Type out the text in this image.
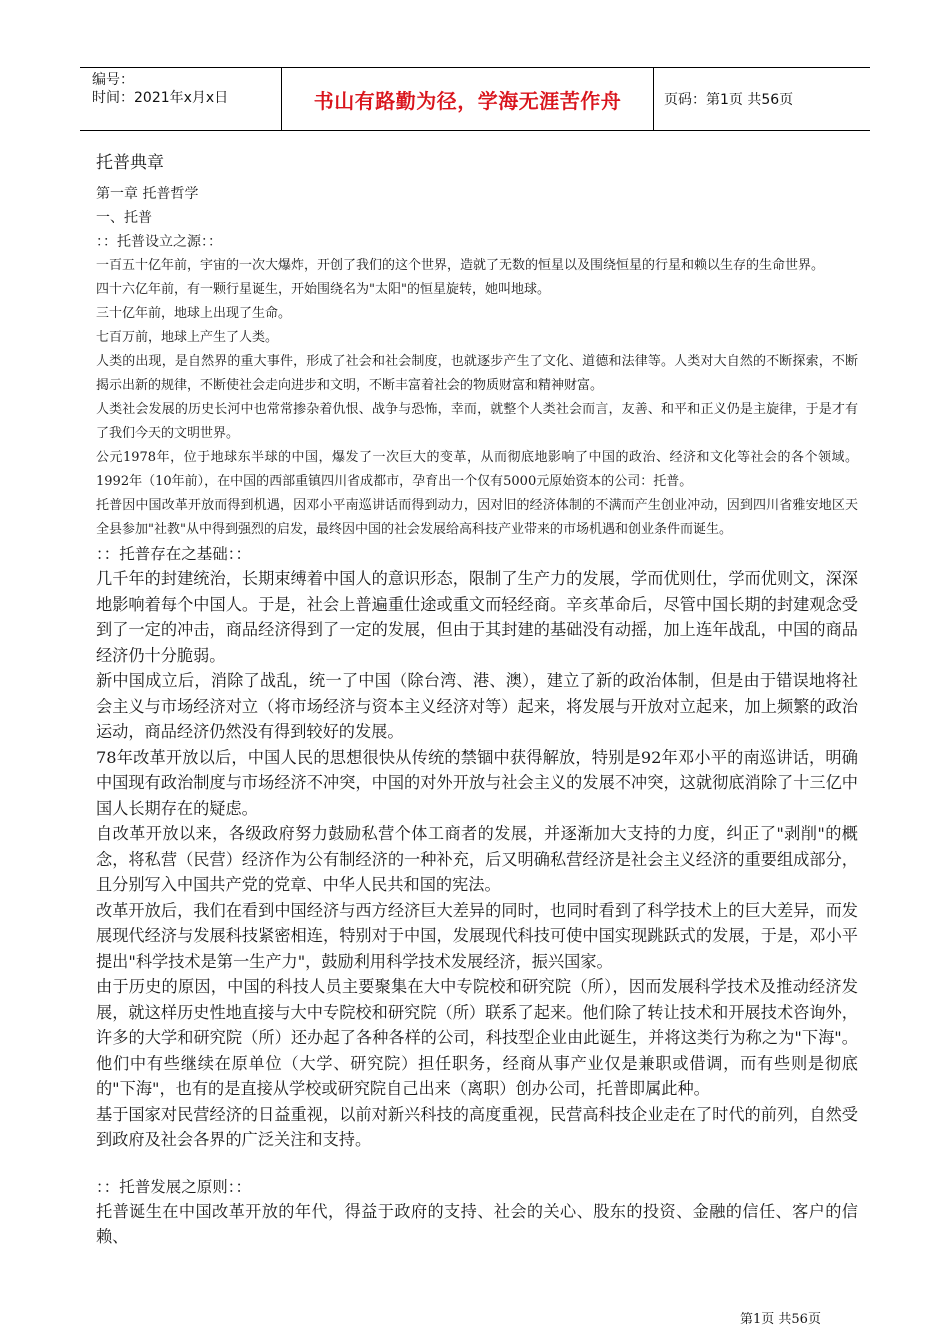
编号：
时间：2021年x月x日	书山有路勤为径，学海无涯苦作舟	页码：第1页 共56页

托普典章

第一章 托普哲学

一、托普

：：托普设立之源：：

一百五十亿年前，宇宙的一次大爆炸，开创了我们的这个世界，造就了无数的恒星以及围绕恒星的行星和赖以生存的生命世界。

四十六亿年前，有一颗行星诞生，开始围绕名为"太阳"的恒星旋转，她叫地球。

三十亿年前，地球上出现了生命。

七百万前，地球上产生了人类。

人类的出现，是自然界的重大事件，形成了社会和社会制度，也就逐步产生了文化、道德和法律等。人类对大自然的不断探索，不断揭示出新的规律，不断使社会走向进步和文明，不断丰富着社会的物质财富和精神财富。

人类社会发展的历史长河中也常常掺杂着仇恨、战争与恐怖，幸而，就整个人类社会而言，友善、和平和正义仍是主旋律，于是才有了我们今天的文明世界。

公元1978年，位于地球东半球的中国，爆发了一次巨大的变革，从而彻底地影响了中国的政治、经济和文化等社会的各个领域。1992年（10年前），在中国的西部重镇四川省成都市，孕育出一个仅有5000元原始资本的公司：托普。

托普因中国改革开放而得到机遇，因邓小平南巡讲话而得到动力，因对旧的经济体制的不满而产生创业冲动，因到四川省雅安地区天全县参加"社教"从中得到强烈的启发，最终因中国的社会发展给高科技产业带来的市场机遇和创业条件而诞生。

：：托普存在之基础：：

几千年的封建统治，长期束缚着中国人的意识形态，限制了生产力的发展，学而优则仕，学而优则文，深深地影响着每个中国人。于是，社会上普遍重仕途或重文而轻经商。辛亥革命后，尽管中国长期的封建观念受到了一定的冲击，商品经济得到了一定的发展，但由于其封建的基础没有动摇，加上连年战乱，中国的商品经济仍十分脆弱。

新中国成立后，消除了战乱，统一了中国（除台湾、港、澳），建立了新的政治体制，但是由于错误地将社会主义与市场经济对立（将市场经济与资本主义经济对等）起来，将发展与开放对立起来，加上频繁的政治运动，商品经济仍然没有得到较好的发展。

78年改革开放以后，中国人民的思想很快从传统的禁锢中获得解放，特别是92年邓小平的南巡讲话，明确中国现有政治制度与市场经济不冲突，中国的对外开放与社会主义的发展不冲突，这就彻底消除了十三亿中国人长期存在的疑虑。

自改革开放以来，各级政府努力鼓励私营个体工商者的发展，并逐渐加大支持的力度，纠正了"剥削"的概念，将私营（民营）经济作为公有制经济的一种补充，后又明确私营经济是社会主义经济的重要组成部分，且分别写入中国共产党的党章、中华人民共和国的宪法。

改革开放后，我们在看到中国经济与西方经济巨大差异的同时，也同时看到了科学技术上的巨大差异，而发展现代经济与发展科技紧密相连，特别对于中国，发展现代科技可使中国实现跳跃式的发展，于是，邓小平提出"科学技术是第一生产力"，鼓励利用科学技术发展经济，振兴国家。

由于历史的原因，中国的科技人员主要聚集在大中专院校和研究院（所），因而发展科学技术及推动经济发展，就这样历史性地直接与大中专院校和研究院（所）联系了起来。他们除了转让技术和开展技术咨询外，许多的大学和研究院（所）还办起了各种各样的公司，科技型企业由此诞生，并将这类行为称之为"下海"。他们中有些继续在原单位（大学、研究院）担任职务，经商从事产业仅是兼职或借调，而有些则是彻底的"下海"，也有的是直接从学校或研究院自己出来（离职）创办公司，托普即属此种。

基于国家对民营经济的日益重视，以前对新兴科技的高度重视，民营高科技企业走在了时代的前列，自然受到政府及社会各界的广泛关注和支持。

：：托普发展之原则：：

托普诞生在中国改革开放的年代，得益于政府的支持、社会的关心、股东的投资、金融的信任、客户的信赖、

第1页 共56页
